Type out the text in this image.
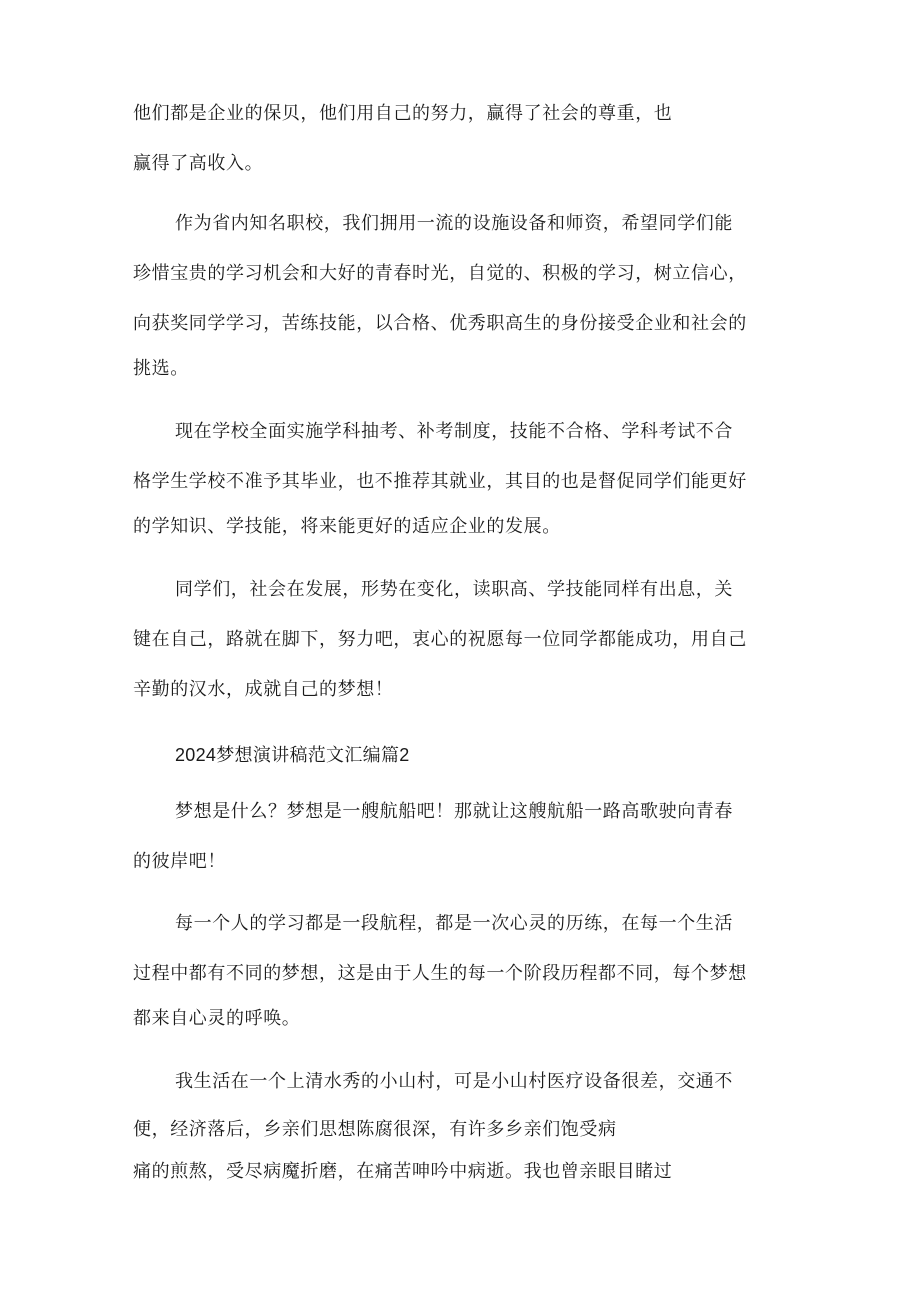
他们都是企业的保贝，他们用自己的努力，赢得了社会的尊重，也
赢得了高收入。
作为省内知名职校，我们拥用一流的设施设备和师资，希望同学们能
珍惜宝贵的学习机会和大好的青春时光，自觉的、积极的学习，树立信心，
向获奖同学学习，苦练技能，以合格、优秀职高生的身份接受企业和社会的
挑选。
现在学校全面实施学科抽考、补考制度，技能不合格、学科考试不合
格学生学校不准予其毕业，也不推荐其就业，其目的也是督促同学们能更好
的学知识、学技能，将来能更好的适应企业的发展。
同学们，社会在发展，形势在变化，读职高、学技能同样有出息，关
键在自己，路就在脚下，努力吧，衷心的祝愿每一位同学都能成功，用自己
辛勤的汉水，成就自己的梦想！
2024梦想演讲稿范文汇编篇2
梦想是什么？梦想是一艘航船吧！那就让这艘航船一路高歌驶向青春
的彼岸吧！
每一个人的学习都是一段航程，都是一次心灵的历练，在每一个生活
过程中都有不同的梦想，这是由于人生的每一个阶段历程都不同，每个梦想
都来自心灵的呼唤。
我生活在一个上清水秀的小山村，可是小山村医疗设备很差，交通不
便，经济落后，乡亲们思想陈腐很深，有许多乡亲们饱受病
痛的煎熬，受尽病魔折磨，在痛苦呻吟中病逝。我也曾亲眼目睹过
